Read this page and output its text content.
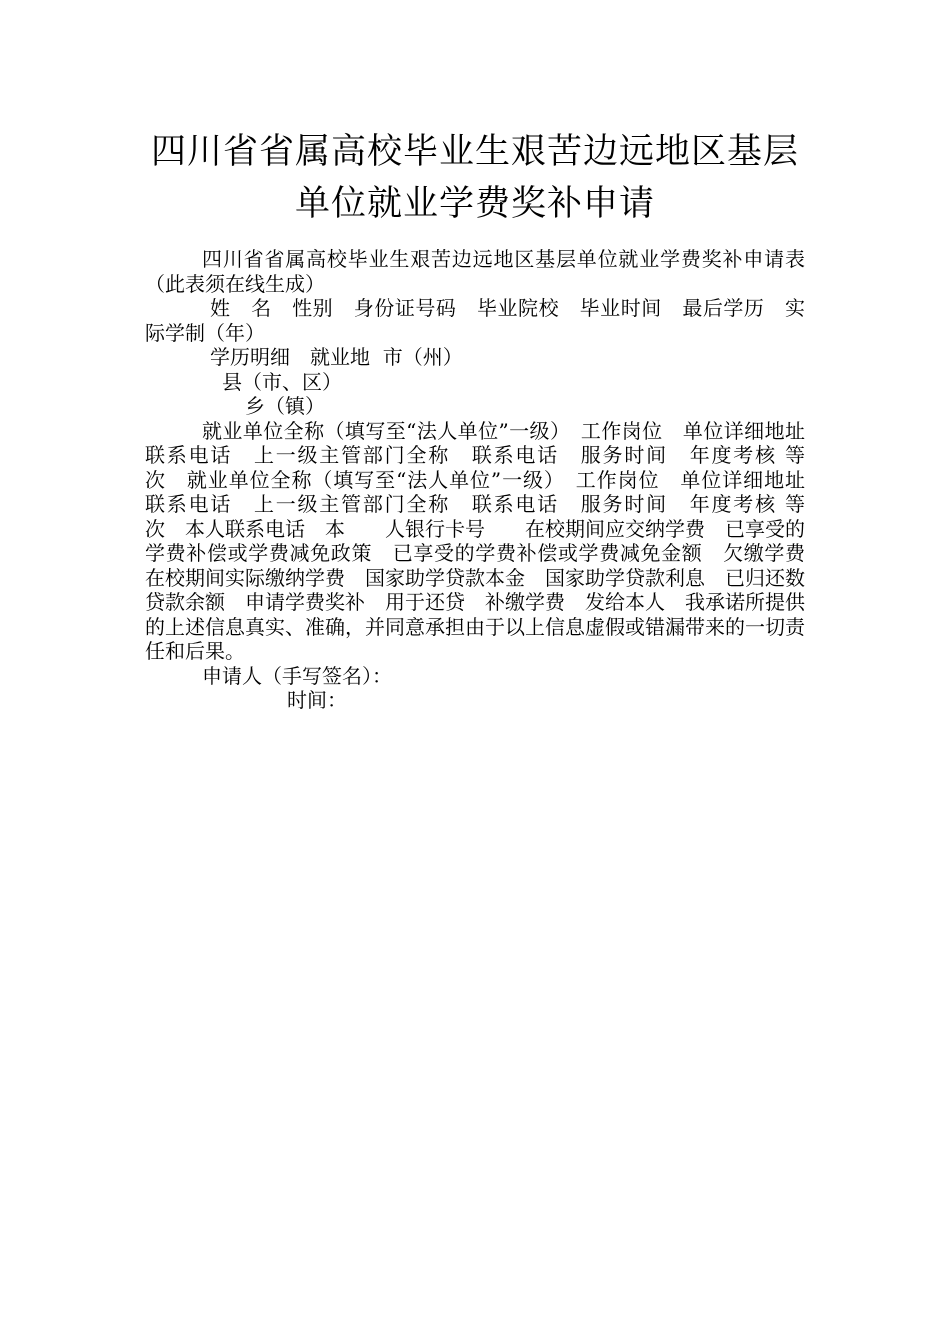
四川省省属高校毕业生艰苦边远地区基层
单位就业学费奖补申请

四川省省属高校毕业生艰苦边远地区基层单位就业学费奖补申请表（此表须在线生成）

姓　名　性别　身份证号码　毕业院校　毕业时间　最后学历　实际学制（年）

学历明细　就业地  市（州）
县（市、区）
乡（镇）

就业单位全称（填写至“法人单位”一级）　工作岗位　单位详细地址　联系电话　上一级主管部门全称　联系电话　服务时间　年度考核 等　　次　就业单位全称（填写至“法人单位”一级）　工作岗位　单位详细地址　联系电话　上一级主管部门全称　联系电话　服务时间　年度考核 等　　次　本人联系电话　本　　人银行卡号　　在校期间应交纳学费　已享受的学费补偿或学费减免政策　已享受的学费补偿或学费减免金额　欠缴学费　在校期间实际缴纳学费　国家助学贷款本金　国家助学贷款利息　已归还数　贷款余额　申请学费奖补　用于还贷　补缴学费　发给本人　我承诺所提供的上述信息真实、准确，并同意承担由于以上信息虚假或错漏带来的一切责任和后果。

申请人（手写签名）：
时间：
